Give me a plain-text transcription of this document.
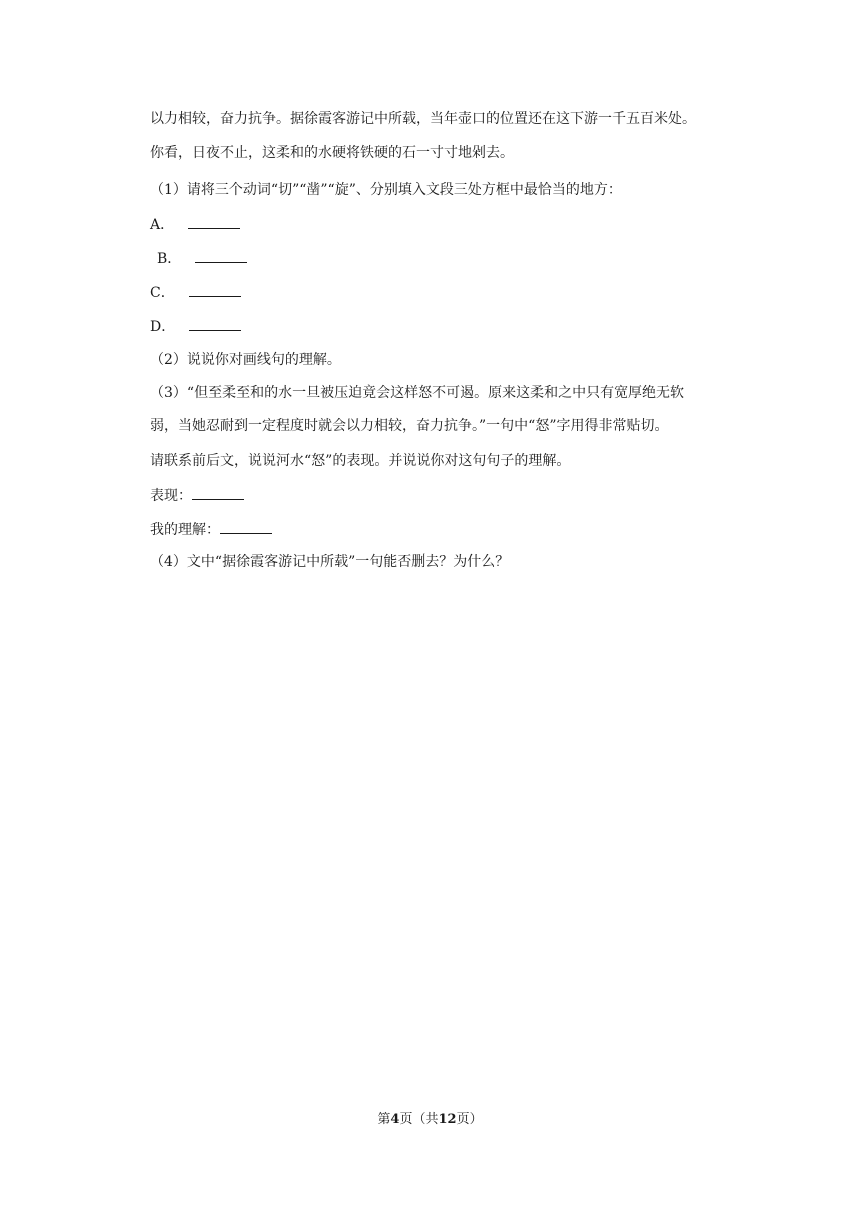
以力相较，奋力抗争。据徐霞客游记中所载，当年壶口的位置还在这下游一千五百米处。
你看，日夜不止，这柔和的水硬将铁硬的石一寸寸地剁去。
（1）请将三个动词“切”“凿”“旋”、分别填入文段三处方框中最恰当的地方：
A．
B．
C．
D．
（2）说说你对画线句的理解。
（3）“但至柔至和的水一旦被压迫竟会这样怒不可遏。原来这柔和之中只有宽厚绝无软
弱，当她忍耐到一定程度时就会以力相较，奋力抗争。”一句中“怒”字用得非常贴切。
请联系前后文，说说河水“怒”的表现。并说说你对这句句子的理解。
表现：
我的理解：
（4）文中“据徐霞客游记中所载”一句能否删去？为什么？
第4页（共12页）
